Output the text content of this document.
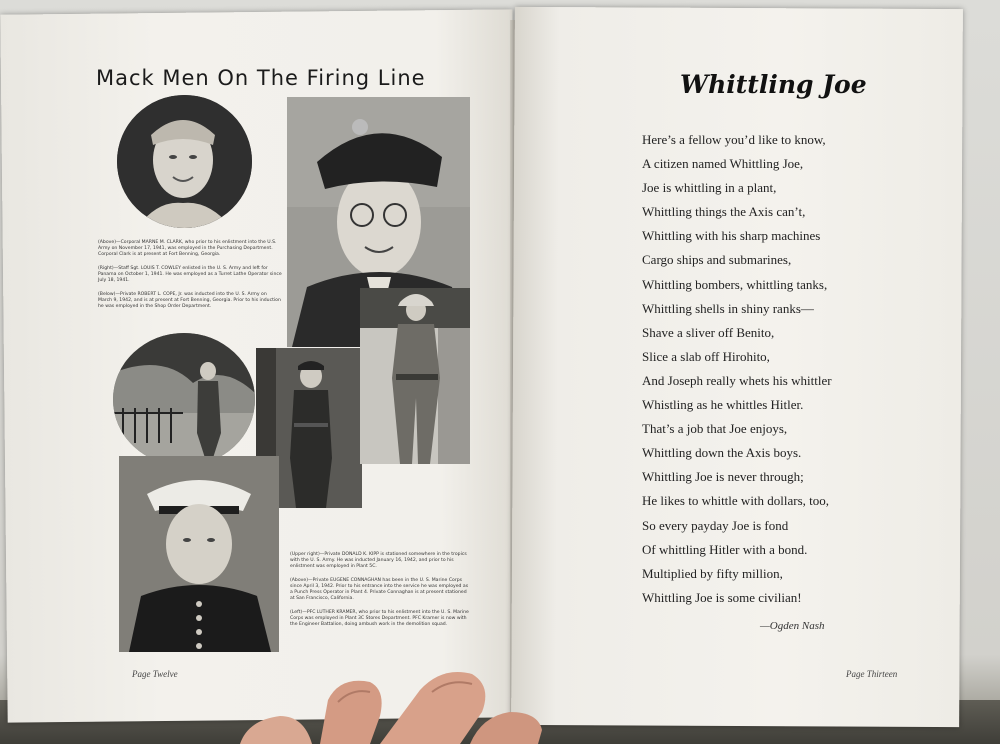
Mack Men On The Firing Line
(Above)—Corporal MARNE M. CLARK, who prior to his enlistment into the U.S. Army on November 17, 1941, was employed in the Purchasing Department. Corporal Clark is at present at Fort Benning, Georgia.
(Right)—Staff Sgt. LOUIS T. COWLEY enlisted in the U. S. Army and left for Panama on October 1, 1941. He was employed as a Turret Lathe Operator since July 18, 1941.
(Below)—Private ROBERT L. COPE, Jr. was inducted into the U. S. Army on March 9, 1942, and is at present at Fort Benning, Georgia. Prior to his induction he was employed in the Shop Order Department.
(Upper right)—Private DONALD K. KIPP is stationed somewhere in the tropics with the U. S. Army. He was inducted January 16, 1942, and prior to his enlistment was employed in Plant 5C.
(Above)—Private EUGENE CONNAGHAN has been in the U. S. Marine Corps since April 3, 1942. Prior to his entrance into the service he was employed as a Punch Press Operator in Plant 4. Private Connaghan is at present stationed at San Francisco, California.
(Left)—PFC LUTHER KRAMER, who prior to his enlistment into the U. S. Marine Corps was employed in Plant 3C Stores Department. PFC Kramer is now with the Engineer Battalion, doing ambush work in the demolition squad.
Page Twelve
Whittling Joe
Here’s a fellow you’d like to know,
A citizen named Whittling Joe,
Joe is whittling in a plant,
Whittling things the Axis can’t,
Whittling with his sharp machines
Cargo ships and submarines,
Whittling bombers, whittling tanks,
Whittling shells in shiny ranks—
Shave a sliver off Benito,
Slice a slab off Hirohito,
And Joseph really whets his whittler
Whistling as he whittles Hitler.
That’s a job that Joe enjoys,
Whittling down the Axis boys.
Whittling Joe is never through;
He likes to whittle with dollars, too,
So every payday Joe is fond
Of whittling Hitler with a bond.
Multiplied by fifty million,
Whittling Joe is some civilian!
—Ogden Nash
Page Thirteen
